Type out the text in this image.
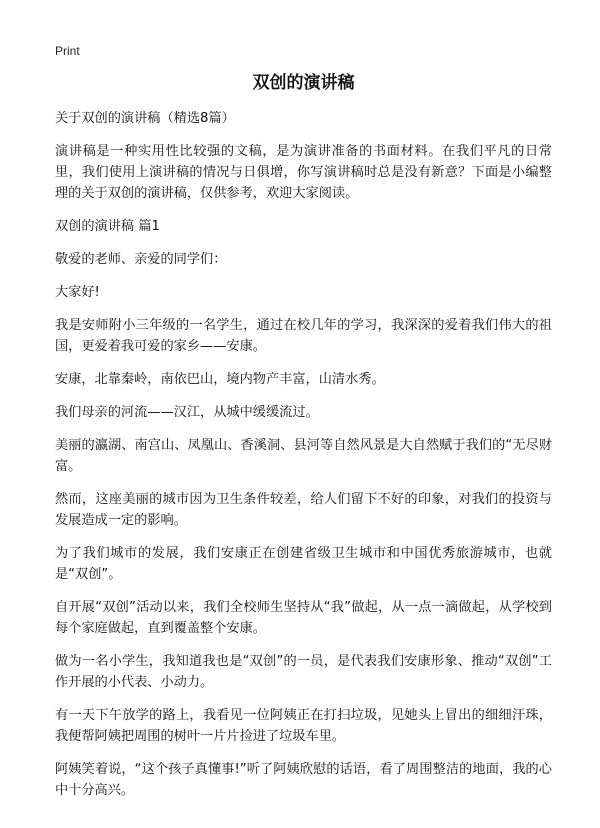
Print
双创的演讲稿

关于双创的演讲稿（精选8篇）

演讲稿是一种实用性比较强的文稿，是为演讲准备的书面材料。在我们平凡的日常里，我们使用上演讲稿的情况与日俱增，你写演讲稿时总是没有新意？下面是小编整理的关于双创的演讲稿，仅供参考，欢迎大家阅读。

双创的演讲稿 篇1

敬爱的老师、亲爱的同学们：

大家好!

我是安师附小三年级的一名学生，通过在校几年的学习，我深深的爱着我们伟大的祖国，更爱着我可爱的家乡——安康。

安康，北靠秦岭，南依巴山，境内物产丰富，山清水秀。

我们母亲的河流——汉江，从城中缓缓流过。

美丽的瀛湖、南宫山、凤凰山、香溪洞、县河等自然风景是大自然赋于我们的“无尽财富。

然而，这座美丽的城市因为卫生条件较差，给人们留下不好的印象，对我们的投资与发展造成一定的影响。

为了我们城市的发展，我们安康正在创建省级卫生城市和中国优秀旅游城市，也就是“双创”。

自开展“双创”活动以来，我们全校师生坚持从“我”做起，从一点一滴做起，从学校到每个家庭做起，直到覆盖整个安康。

做为一名小学生，我知道我也是“双创”的一员，是代表我们安康形象、推动“双创”工作开展的小代表、小动力。

有一天下午放学的路上，我看见一位阿姨正在打扫垃圾，见她头上冒出的细细汗珠，我便帮阿姨把周围的树叶一片片捡进了垃圾车里。

阿姨笑着说，“这个孩子真懂事!”听了阿姨欣慰的话语，看了周围整洁的地面，我的心中十分高兴。
